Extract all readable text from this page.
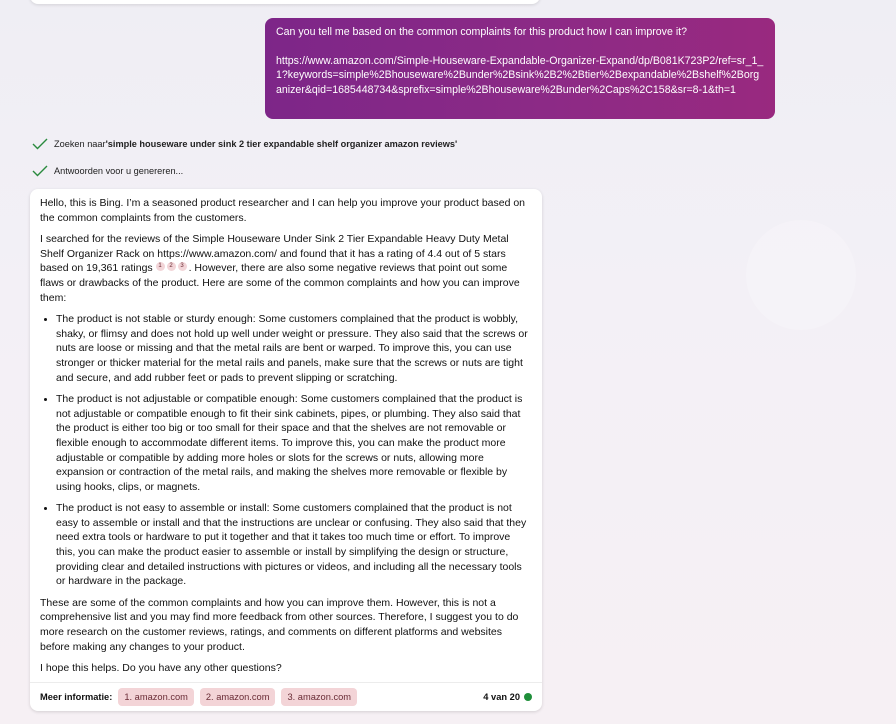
Can you tell me based on the common complaints for this product how I can improve it?

https://www.amazon.com/Simple-Houseware-Expandable-Organizer-Expand/dp/B081K723P2/ref=sr_1_1?keywords=simple%2Bhouseware%2Bunder%2Bsink%2B2%2Btier%2Bexpandable%2Bshelf%2Borganizer&qid=1685448734&sprefix=simple%2Bhouseware%2Bunder%2Caps%2C158&sr=8-1&th=1

Zoeken naar 'simple houseware under sink 2 tier expandable shelf organizer amazon reviews'
Antwoorden voor u genereren...

Hello, this is Bing. I’m a seasoned product researcher and I can help you improve your product based on the common complaints from the customers.

I searched for the reviews of the Simple Houseware Under Sink 2 Tier Expandable Heavy Duty Metal Shelf Organizer Rack on https://www.amazon.com/ and found that it has a rating of 4.4 out of 5 stars based on 19,361 ratings 1 2 3 . However, there are also some negative reviews that point out some flaws or drawbacks of the product. Here are some of the common complaints and how you can improve them:

• The product is not stable or sturdy enough: Some customers complained that the product is wobbly, shaky, or flimsy and does not hold up well under weight or pressure. They also said that the screws or nuts are loose or missing and that the metal rails are bent or warped. To improve this, you can use stronger or thicker material for the metal rails and panels, make sure that the screws or nuts are tight and secure, and add rubber feet or pads to prevent slipping or scratching.
• The product is not adjustable or compatible enough: Some customers complained that the product is not adjustable or compatible enough to fit their sink cabinets, pipes, or plumbing. They also said that the product is either too big or too small for their space and that the shelves are not removable or flexible enough to accommodate different items. To improve this, you can make the product more adjustable or compatible by adding more holes or slots for the screws or nuts, allowing more expansion or contraction of the metal rails, and making the shelves more removable or flexible by using hooks, clips, or magnets.
• The product is not easy to assemble or install: Some customers complained that the product is not easy to assemble or install and that the instructions are unclear or confusing. They also said that they need extra tools or hardware to put it together and that it takes too much time or effort. To improve this, you can make the product easier to assemble or install by simplifying the design or structure, providing clear and detailed instructions with pictures or videos, and including all the necessary tools or hardware in the package.

These are some of the common complaints and how you can improve them. However, this is not a comprehensive list and you may find more feedback from other sources. Therefore, I suggest you to do more research on the customer reviews, ratings, and comments on different platforms and websites before making any changes to your product.

I hope this helps. Do you have any other questions?

Meer informatie:	1. amazon.com	2. amazon.com	3. amazon.com	4 van 20
